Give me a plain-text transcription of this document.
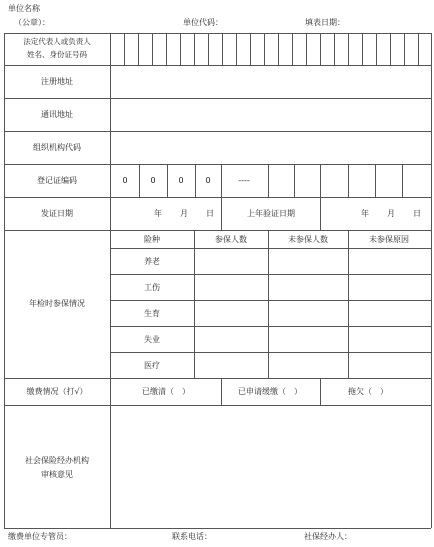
单位名称
（公章）：	单位代码：	填表日期：
法定代表人或负责人
姓名、身份证号码
注册地址
通讯地址
组织机构代码
登记证编码	0	0	0	0	----
发证日期	年 月 日	上年验证日期	年 月 日
年检时参保情况
险种	参保人数	未参保人数	未参保原因
养老
工伤
生育
失业
医疗
缴费情况（打√）	已缴清（　）	已申请缓缴（　）	拖欠（　）
社会保险经办机构
审核意见
缴费单位专管员：	联系电话：	社保经办人：
